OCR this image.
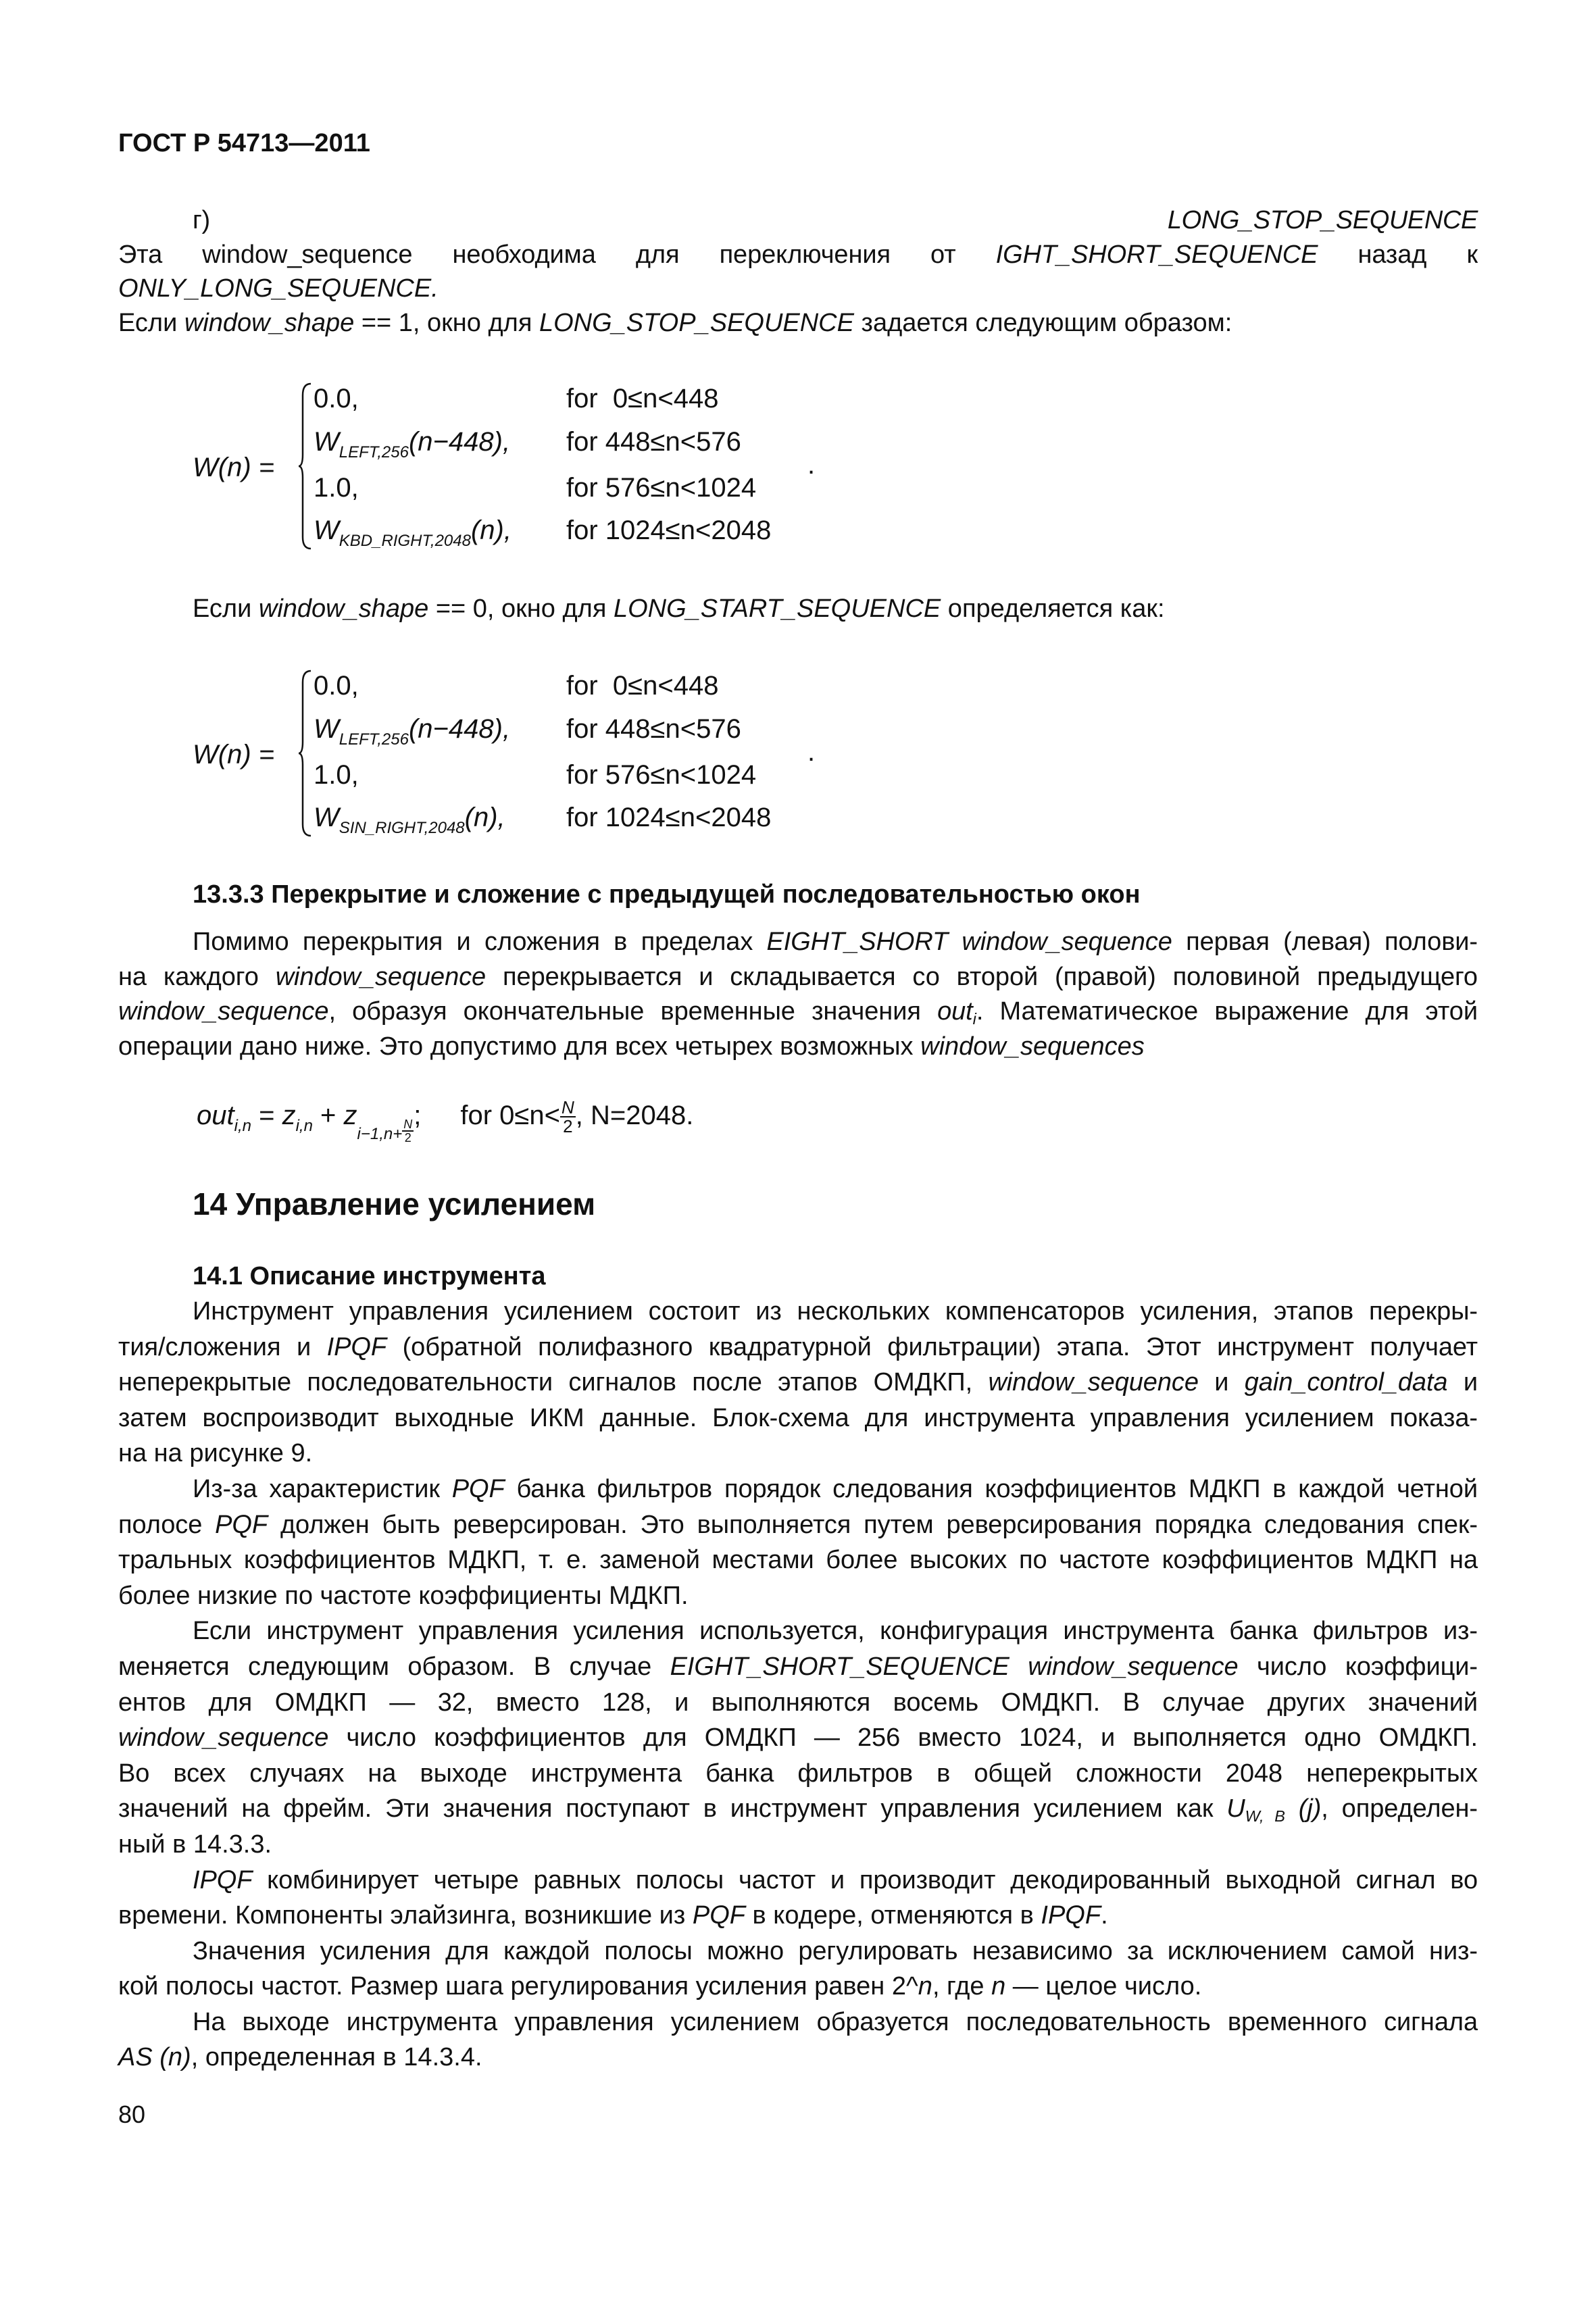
ГОСТ Р 54713—2011
г) LONG_STOP_SEQUENCE
Эта window_sequence необходима для переключения от IGHT_SHORT_SEQUENCE назад к
ONLY_LONG_SEQUENCE.
Если window_shape == 1, окно для LONG_STOP_SEQUENCE задается следующим образом:
W(n) =
0.0,	for  0≤n<448
$W_{LEFT,256}(n-448)$, for 448≤n<576
1.0,	for 576≤n<1024
$W_{KBD\_RIGHT,2048}(n)$, for 1024≤n<2048
.
Если window_shape == 0, окно для LONG_START_SEQUENCE определяется как:
W(n) =
0.0,	for  0≤n<448
$W_{LEFT,256}(n-448)$, for 448≤n<576
1.0,	for 576≤n<1024
$W_{SIN\_RIGHT,2048}(n)$, for 1024≤n<2048
.
13.3.3 Перекрытие и сложение с предыдущей последовательностью окон
Помимо перекрытия и сложения в пределах EIGHT_SHORT window_sequence первая (левая) полови-
на каждого window_sequence перекрывается и складывается со второй (правой) половиной предыдущего
window_sequence, образуя окончательные временные значения out$_i$. Математическое выражение для этой
операции дано ниже. Это допустимо для всех четырех возможных window_sequences
$out_{i,n} = z_{i,n} + z_{i-1,n+} \frac{N}{2}$
; for $0\le n< \frac{N}{2}$ , N=2048.
14 Управление усилением
14.1 Описание инструмента
Инструмент управления усилением состоит из нескольких компенсаторов усиления, этапов перекры-
тия/сложения и IPQF (обратной полифазного квадратурной фильтрации) этапа. Этот инструмент получает
неперекрытые последовательности сигналов после этапов ОМДКП, window_sequence и gain_control_data и
затем воспроизводит выходные ИКМ данные. Блок-схема для инструмента управления усилением показа-
на на рисунке 9.
Из-за характеристик PQF банка фильтров порядок следования коэффициентов МДКП в каждой четной
полосе PQF должен быть реверсирован. Это выполняется путем реверсирования порядка следования спек-
тральных коэффициентов МДКП, т. е. заменой местами более высоких по частоте коэффициентов МДКП на
более низкие по частоте коэффициенты МДКП.
Если инструмент управления усиления используется, конфигурация инструмента банка фильтров из-
меняется следующим образом. В случае EIGHT_SHORT_SEQUENCE window_sequence число коэффици-
ентов для ОМДКП — 32, вместо 128, и выполняются восемь ОМДКП. В случае других значений
window_sequence число коэффициентов для ОМДКП — 256 вместо 1024, и выполняется одно ОМДКП.
Во всех случаях на выходе инструмента банка фильтров в общей сложности 2048 неперекрытых
значений на фрейм. Эти значения поступают в инструмент управления усилением как $U_{W, B}$ (j), определен-
ный в 14.3.3.
IPQF комбинирует четыре равных полосы частот и производит декодированный выходной сигнал во
времени. Компоненты элайзинга, возникшие из PQF в кодере, отменяются в IPQF.
Значения усиления для каждой полосы можно регулировать независимо за исключением самой низ-
кой полосы частот. Размер шага регулирования усиления равен 2^n, где n — целое число.
На выходе инструмента управления усилением образуется последовательность временного сигнала
AS (n), определенная в 14.3.4.
80
